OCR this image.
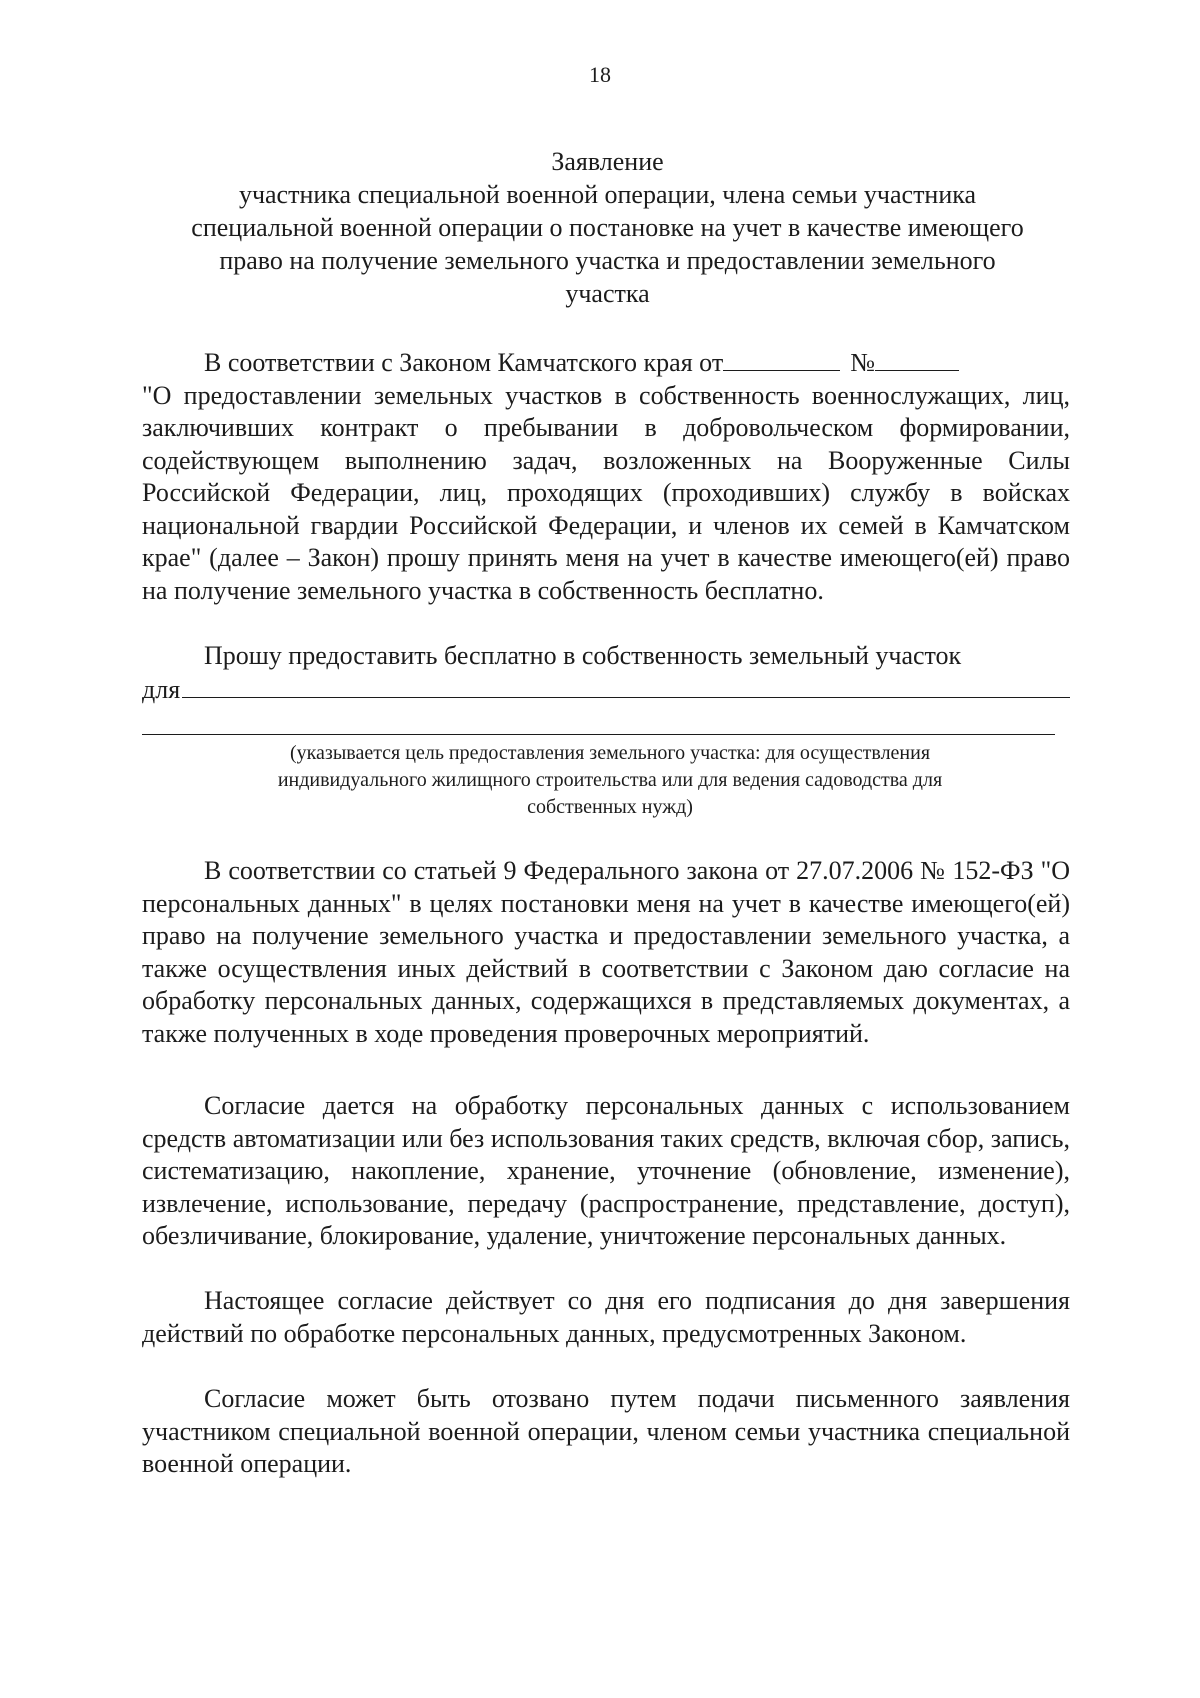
18
Заявление
участника специальной военной операции, члена семьи участника
специальной военной операции о постановке на учет в качестве имеющего
право на получение земельного участка и предоставлении земельного
участка
В соответствии с Законом Камчатского края от	№
"О предоставлении земельных участков в собственность военнослужащих, лиц, заключивших контракт о пребывании в добровольческом формировании, содействующем выполнению задач, возложенных на Вооруженные Силы Российской Федерации, лиц, проходящих (проходивших) службу в войсках национальной гвардии Российской Федерации, и членов их семей в Камчатском крае" (далее – Закон) прошу принять меня на учет в качестве имеющего(ей) право на получение земельного участка в собственность бесплатно.
Прошу предоставить бесплатно в собственность земельный участок
для
(указывается цель предоставления земельного участка: для осуществления
индивидуального жилищного строительства или для ведения садоводства для
собственных нужд)

В соответствии со статьей 9 Федерального закона от 27.07.2006 № 152-ФЗ "О персональных данных" в целях постановки меня на учет в качестве имеющего(ей) право на получение земельного участка и предоставлении земельного участка, а также осуществления иных действий в соответствии с Законом даю согласие на обработку персональных данных, содержащихся в представляемых документах, а также полученных в ходе проведения проверочных мероприятий.

Согласие дается на обработку персональных данных с использованием средств автоматизации или без использования таких средств, включая сбор, запись, систематизацию, накопление, хранение, уточнение (обновление, изменение), извлечение, использование, передачу (распространение, представление, доступ), обезличивание, блокирование, удаление, уничтожение персональных данных.

Настоящее согласие действует со дня его подписания до дня завершения действий по обработке персональных данных, предусмотренных Законом.

Согласие может быть отозвано путем подачи письменного заявления участником специальной военной операции, членом семьи участника специальной военной операции.
